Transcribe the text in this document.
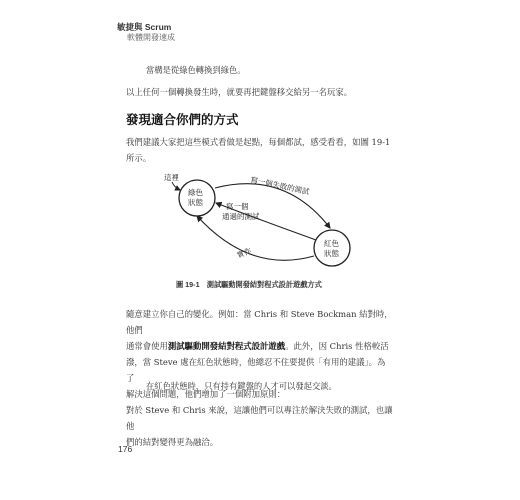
敏捷與 Scrum
軟體開發速成
當構是從綠色轉換到綠色。
以上任何一個轉換發生時，就要再把鍵盤移交給另一名玩家。
發現適合你們的方式
我們建議大家把這些模式看做是起點，每個都試，感受看看，如圖 19-1
所示。
綠色
狀態
紅色
狀態
這裡	寫一個失敗的測試
寫一個
通過的測試
實作
圖 19-1　測試驅動開發結對程式設計遊戲方式
隨意建立你自己的變化。例如：當 Chris 和 Steve Bockman 結對時，他們
通常會使用測試驅動開發結對程式設計遊戲。此外，因 Chris 性格較活
潑，當 Steve 處在紅色狀態時，他總忍不住要提供「有用的建議」。為了
解決這個問題，他們增加了一個附加原則：
在紅色狀態時，只有持有鍵盤的人才可以發起交談。
對於 Steve 和 Chris 來說，這讓他們可以專注於解決失敗的測試，也讓他
們的結對變得更為融洽。
176
